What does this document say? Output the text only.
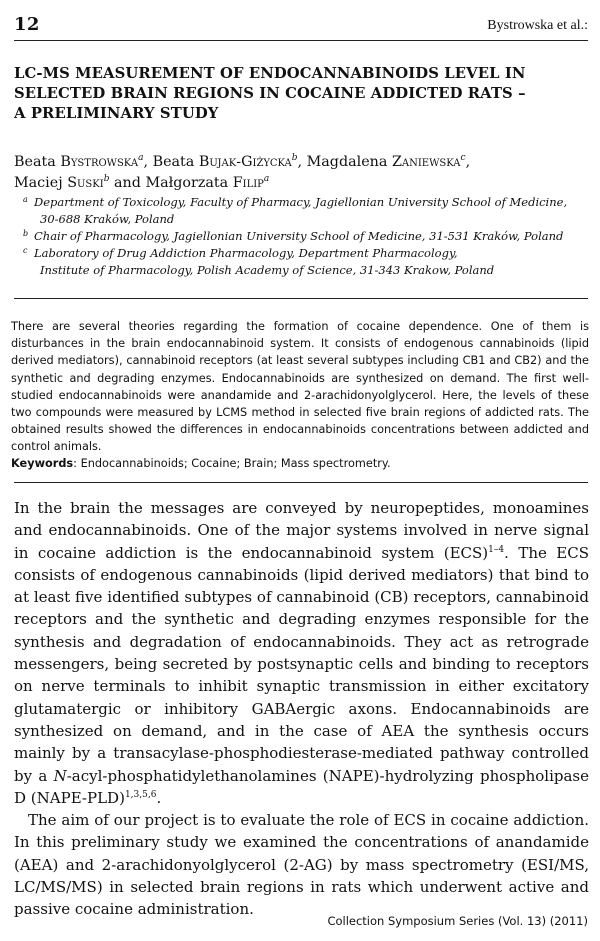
12	Bystrowska et al.:
LC-MS MEASUREMENT OF ENDOCANNABINOIDS LEVEL IN
SELECTED BRAIN REGIONS IN COCAINE ADDICTED RATS –
A PRELIMINARY STUDY
Beata Bystrowska$^a$, Beata Bujak-Giżycka$^b$, Magdalena Zaniewska$^c$,
Maciej Suski$^b$ and Małgorzata Filip$^a$
a Department of Toxicology, Faculty of Pharmacy, Jagiellonian University School of Medicine,
30-688 Kraków, Poland
b Chair of Pharmacology, Jagiellonian University School of Medicine, 31-531 Kraków, Poland
c Laboratory of Drug Addiction Pharmacology, Department Pharmacology,
Institute of Pharmacology, Polish Academy of Science, 31-343 Krakow, Poland
There are several theories regarding the formation of cocaine dependence. One of them is disturbances in the brain endocannabinoid system. It consists of endogenous cannabinoids (lipid derived mediators), cannabinoid receptors (at least several subtypes including CB1 and CB2) and the synthetic and degrading enzymes. Endocannabinoids are synthesized on demand. The first well-studied endocannabinoids were anandamide and 2-arachidonyolglycerol. Here, the levels of these two compounds were measured by LCMS method in selected five brain regions of addicted rats. The obtained results showed the differences in endocannabinoids concentrations between addicted and control animals.
Keywords: Endocannabinoids; Cocaine; Brain; Mass spectrometry.

In the brain the messages are conveyed by neuropeptides, monoamines and endocannabinoids. One of the major systems involved in nerve signal in cocaine addiction is the endocannabinoid system (ECS)$^{1-4}$. The ECS consists of endogenous cannabinoids (lipid derived mediators) that bind to at least five identified subtypes of cannabinoid (CB) receptors, cannabinoid receptors and the synthetic and degrading enzymes responsible for the synthesis and degradation of endocannabinoids. They act as retrograde messengers, being secreted by postsynaptic cells and binding to receptors on nerve terminals to inhibit synaptic transmission in either excitatory glutamatergic or inhibitory GABAergic axons. Endocannabinoids are synthesized on demand, and in the case of AEA the synthesis occurs mainly by a transacylase-phosphodiesterase-mediated pathway controlled by a N-acyl-phosphatidylethanolamines (NAPE)-hydrolyzing phospholipase D (NAPE-PLD)$^{1,3,5,6}$.

The aim of our project is to evaluate the role of ECS in cocaine addiction. In this preliminary study we examined the concentrations of anandamide (AEA) and 2-arachidonyolglycerol (2-AG) by mass spectrometry (ESI/MS, LC/MS/MS) in selected brain regions in rats which underwent active and passive cocaine administration.

Collection Symposium Series (Vol. 13) (2011)
